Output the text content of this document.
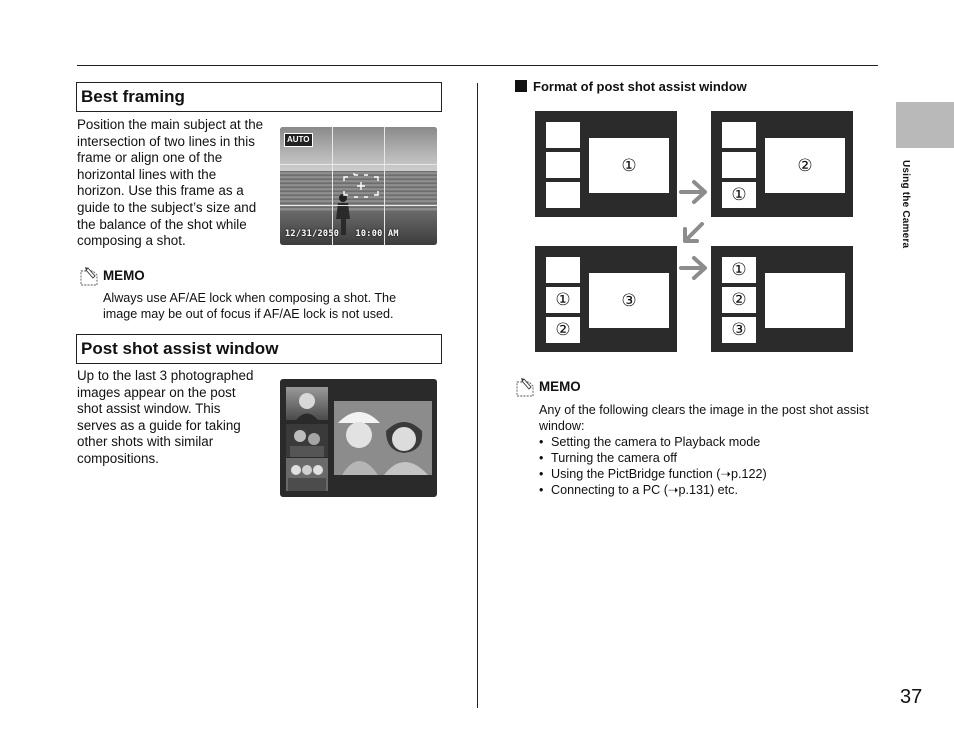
Best framing
Position the main subject at the intersection of two lines in this frame or align one of the horizontal lines with the horizon. Use this frame as a guide to the subject’s size and the balance of the shot while composing a shot.
AUTO
12/31/2050 10:00 AM
MEMO
Always use AF/AE lock when composing a shot. The image may be out of focus if AF/AE lock is not used.
Post shot assist window
Up to the last 3 photographed images appear on the post shot assist window. This serves as a guide for taking other shots with similar compositions.
Format of post shot assist window
①
①
②
①
②
③
①
②
③
MEMO
Any of the following clears the image in the post shot assist window:
• Setting the camera to Playback mode
• Turning the camera off
• Using the PictBridge function (➝p.122)
• Connecting to a PC (➝p.131) etc.
Using the Camera
37
